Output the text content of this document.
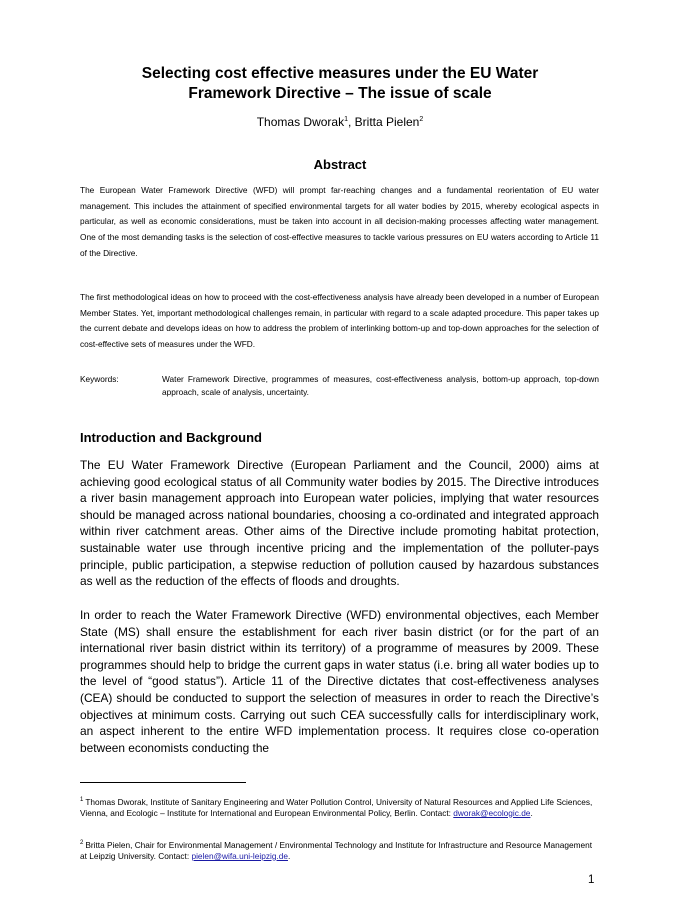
Selecting cost effective measures under the EU Water
Framework Directive – The issue of scale
Thomas Dworak$^1$, Britta Pielen$^2$
Abstract

The European Water Framework Directive (WFD) will prompt far-reaching changes and a fundamental reorientation of EU water management. This includes the attainment of specified environmental targets for all water bodies by 2015, whereby ecological aspects in particular, as well as economic considerations, must be taken into account in all decision-making processes affecting water management. One of the most demanding tasks is the selection of cost-effective measures to tackle various pressures on EU waters according to Article 11 of the Directive.

The first methodological ideas on how to proceed with the cost-effectiveness analysis have already been developed in a number of European Member States. Yet, important methodological challenges remain, in particular with regard to a scale adapted procedure. This paper takes up the current debate and develops ideas on how to address the problem of interlinking bottom-up and top-down approaches for the selection of cost-effective sets of measures under the WFD.

Keywords:	Water Framework Directive, programmes of measures, cost-effectiveness analysis, bottom-up approach, top-down approach, scale of analysis, uncertainty.
Introduction and Background

The EU Water Framework Directive (European Parliament and the Council, 2000) aims at achieving good ecological status of all Community water bodies by 2015. The Directive introduces a river basin management approach into European water policies, implying that water resources should be managed across national boundaries, choosing a co-ordinated and integrated approach within river catchment areas. Other aims of the Directive include promoting habitat protection, sustainable water use through incentive pricing and the implementation of the polluter-pays principle, public participation, a stepwise reduction of pollution caused by hazardous substances as well as the reduction of the effects of floods and droughts.

In order to reach the Water Framework Directive (WFD) environmental objectives, each Member State (MS) shall ensure the establishment for each river basin district (or for the part of an international river basin district within its territory) of a programme of measures by 2009. These programmes should help to bridge the current gaps in water status (i.e. bring all water bodies up to the level of “good status”). Article 11 of the Directive dictates that cost-effectiveness analyses (CEA) should be conducted to support the selection of measures in order to reach the Directive’s objectives at minimum costs. Carrying out such CEA successfully calls for interdisciplinary work, an aspect inherent to the entire WFD implementation process. It requires close co-operation between economists conducting the

$^1$ Thomas Dworak, Institute of Sanitary Engineering and Water Pollution Control, University of Natural Resources and Applied Life Sciences, Vienna, and Ecologic – Institute for International and European Environmental Policy, Berlin. Contact: dworak@ecologic.de.

$^2$ Britta Pielen, Chair for Environmental Management / Environmental Technology and Institute for Infrastructure and Resource Management at Leipzig University. Contact: pielen@wifa.uni-leipzig.de.

1
